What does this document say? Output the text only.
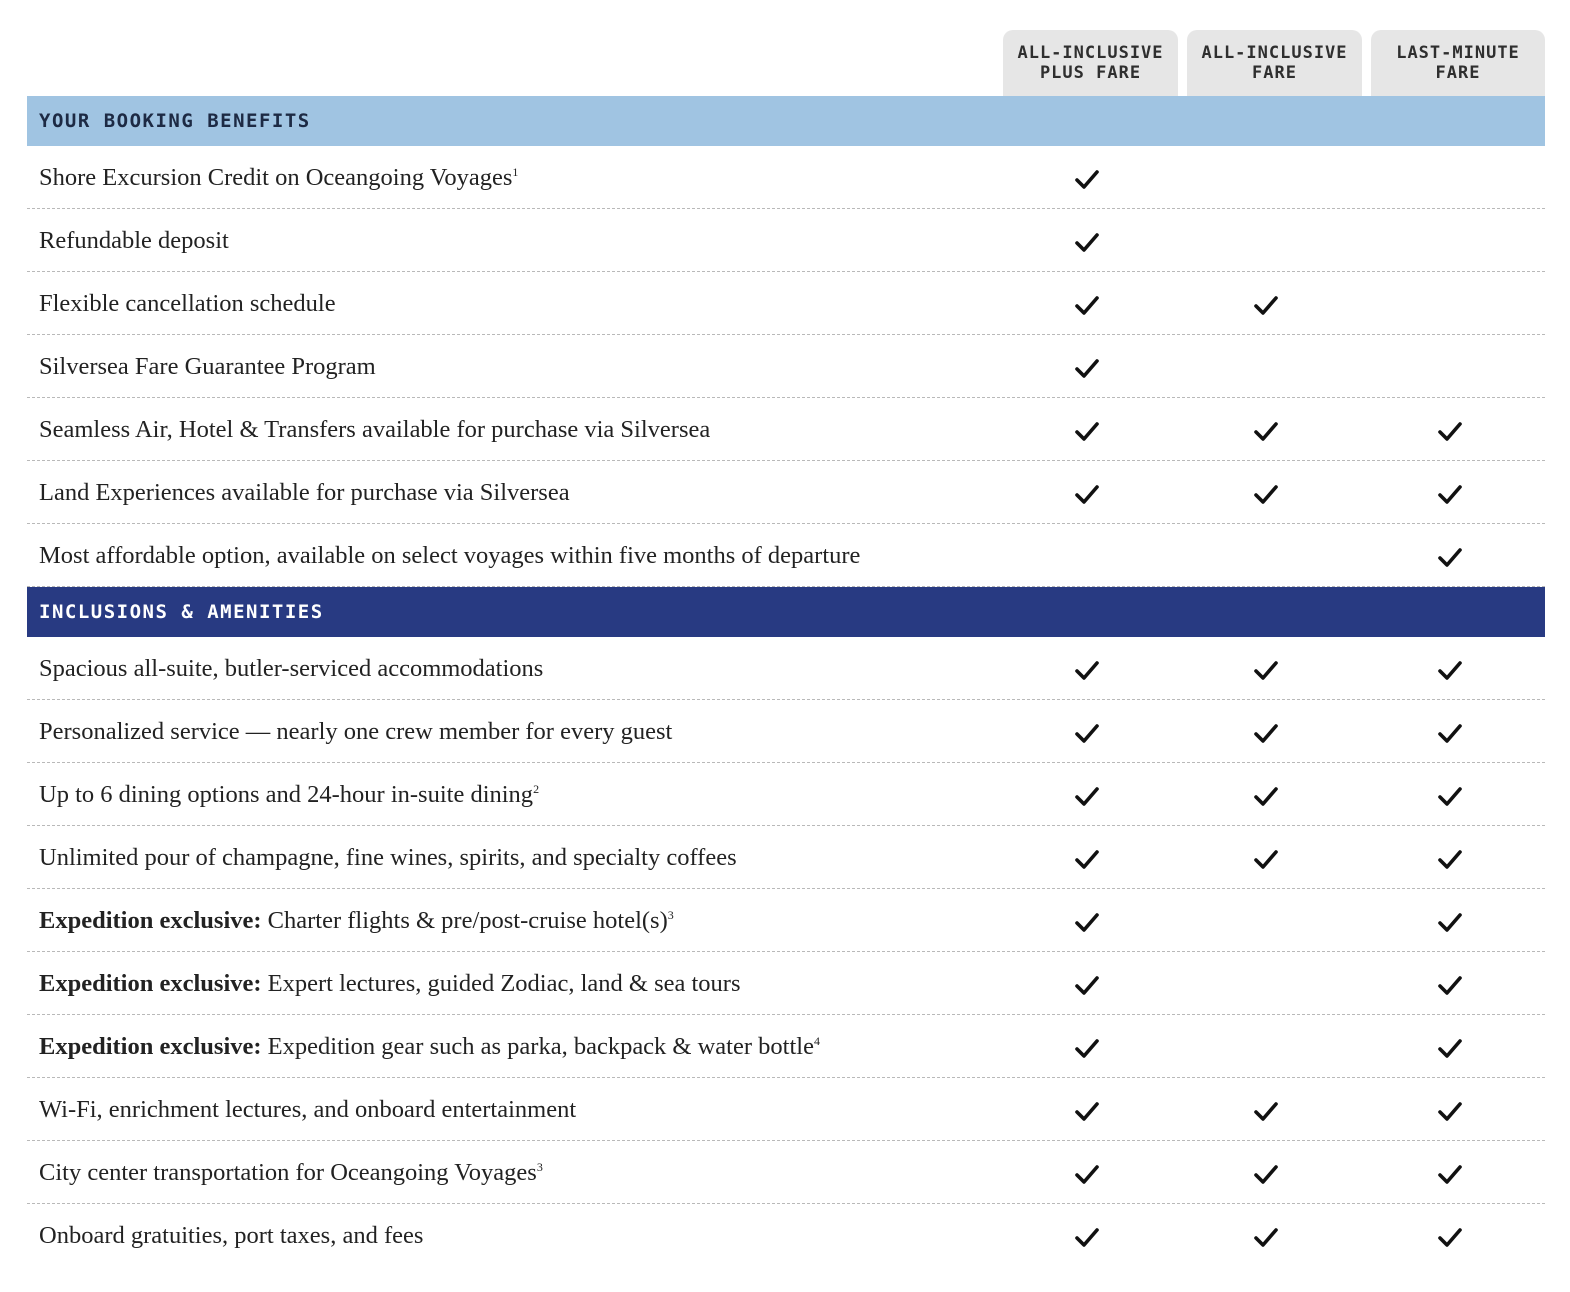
ALL-INCLUSIVE
PLUS FARE
ALL-INCLUSIVE
FARE
LAST-MINUTE
FARE
YOUR BOOKING BENEFITS
Shore Excursion Credit on Oceangoing Voyages$^1$
Refundable deposit
Flexible cancellation schedule
Silversea Fare Guarantee Program
Seamless Air, Hotel & Transfers available for purchase via Silversea
Land Experiences available for purchase via Silversea
Most affordable option, available on select voyages within five months of departure
INCLUSIONS & AMENITIES
Spacious all-suite, butler-serviced accommodations
Personalized service — nearly one crew member for every guest
Up to 6 dining options and 24-hour in-suite dining$^2$
Unlimited pour of champagne, fine wines, spirits, and specialty coffees
Expedition exclusive: Charter flights & pre/post-cruise $hotel(s)^3$
Expedition exclusive: Expert lectures, guided Zodiac, land & sea tours
Expedition exclusive: Expedition gear such as parka, backpack & water bottle$^4$
Wi-Fi, enrichment lectures, and onboard entertainment
City center transportation for Oceangoing Voyages$^3$
Onboard gratuities, port taxes, and fees
